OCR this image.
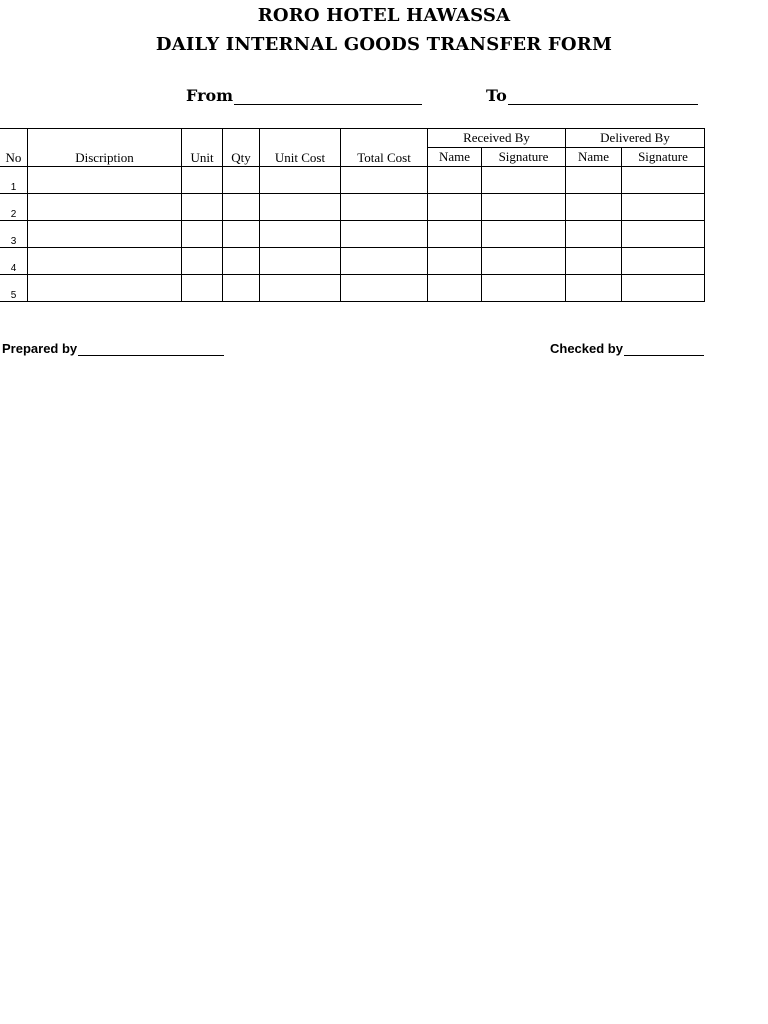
RORO HOTEL HAWASSA
DAILY INTERNAL GOODS TRANSFER FORM
From	To
No	Discription	Unit	Qty	Unit Cost	Total Cost	Received By		Delivered By	
						Name	Signature	Name	Signature
1									
2									
3									
4									
5									
Prepared by	Checked by
